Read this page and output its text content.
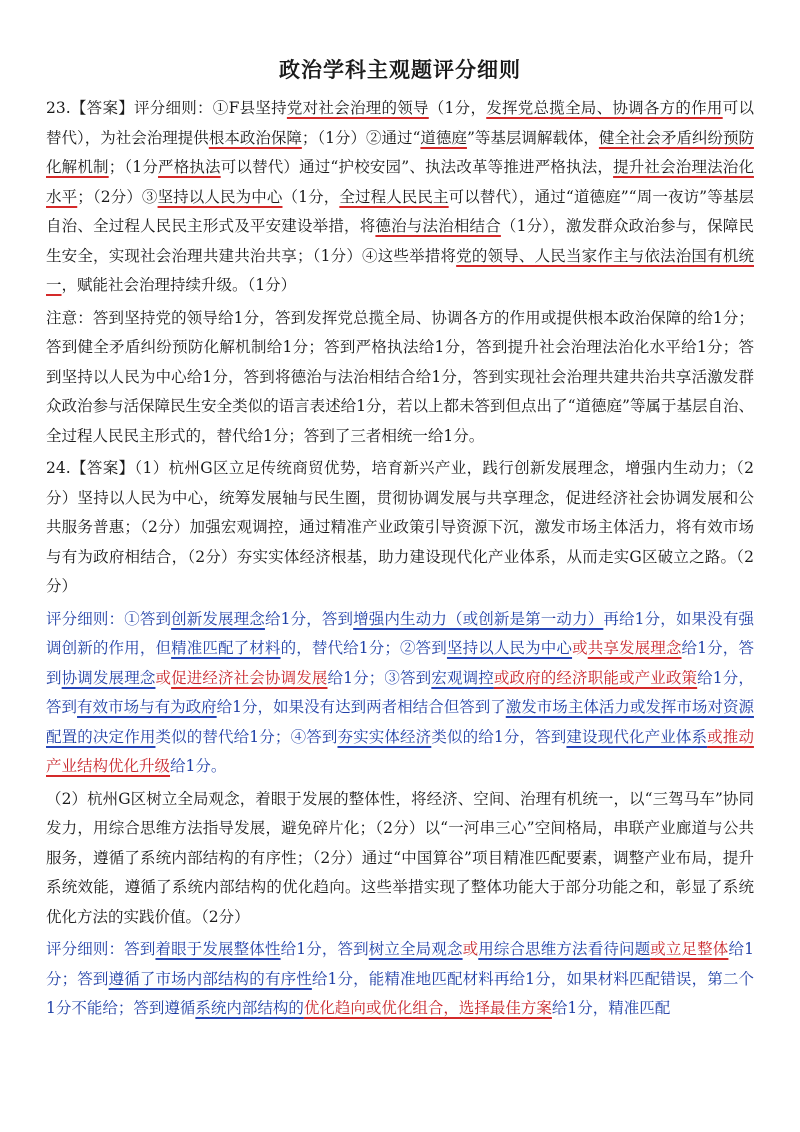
政治学科主观题评分细则
23.【答案】评分细则：①F县坚持党对社会治理的领导（1分，发挥党总揽全局、协调各方的作用可以替代），为社会治理提供根本政治保障；（1分）②通过“道德庭”等基层调解载体，健全社会矛盾纠纷预防化解机制；（1分严格执法可以替代）通过“护校安园”、执法改革等推进严格执法，提升社会治理法治化水平；（2分）③坚持以人民为中心（1分，全过程人民民主可以替代），通过“道德庭”“周一夜访”等基层自治、全过程人民民主形式及平安建设举措，将德治与法治相结合（1分），激发群众政治参与，保障民生安全，实现社会治理共建共治共享；（1分）④这些举措将党的领导、人民当家作主与依法治国有机统一，赋能社会治理持续升级。（1分）
注意：答到坚持党的领导给1分，答到发挥党总揽全局、协调各方的作用或提供根本政治保障的给1分；答到健全矛盾纠纷预防化解机制给1分；答到严格执法给1分，答到提升社会治理法治化水平给1分；答到坚持以人民为中心给1分，答到将德治与法治相结合给1分，答到实现社会治理共建共治共享活激发群众政治参与活保障民生安全类似的语言表述给1分，若以上都未答到但点出了“道德庭”等属于基层自治、全过程人民民主形式的，替代给1分；答到了三者相统一给1分。
24.【答案】（1）杭州G区立足传统商贸优势，培育新兴产业，践行创新发展理念，增强内生动力；（2分）坚持以人民为中心，统筹发展轴与民生圈，贯彻协调发展与共享理念，促进经济社会协调发展和公共服务普惠；（2分）加强宏观调控，通过精准产业政策引导资源下沉，激发市场主体活力，将有效市场与有为政府相结合，（2分）夯实实体经济根基，助力建设现代化产业体系，从而走实G区破立之路。（2分）
评分细则：①答到创新发展理念给1分，答到增强内生动力（或创新是第一动力）再给1分，如果没有强调创新的作用，但精准匹配了材料的，替代给1分；②答到坚持以人民为中心或共享发展理念给1分，答到协调发展理念或促进经济社会协调发展给1分；③答到宏观调控或政府的经济职能或产业政策给1分，答到有效市场与有为政府给1分，如果没有达到两者相结合但答到了激发市场主体活力或发挥市场对资源配置的决定作用类似的替代给1分；④答到夯实实体经济类似的给1分，答到建设现代化产业体系或推动产业结构优化升级给1分。
（2）杭州G区树立全局观念，着眼于发展的整体性，将经济、空间、治理有机统一，以“三驾马车”协同发力，用综合思维方法指导发展，避免碎片化；（2分）以“一河串三心”空间格局，串联产业廊道与公共服务，遵循了系统内部结构的有序性；（2分）通过“中国算谷”项目精准匹配要素，调整产业布局，提升系统效能，遵循了系统内部结构的优化趋向。这些举措实现了整体功能大于部分功能之和，彰显了系统优化方法的实践价值。（2分）
评分细则：答到着眼于发展整体性给1分，答到树立全局观念或用综合思维方法看待问题或立足整体给1分；答到遵循了市场内部结构的有序性给1分，能精准地匹配材料再给1分，如果材料匹配错误，第二个1分不能给；答到遵循系统内部结构的优化趋向或优化组合，选择最佳方案给1分，精准匹配
